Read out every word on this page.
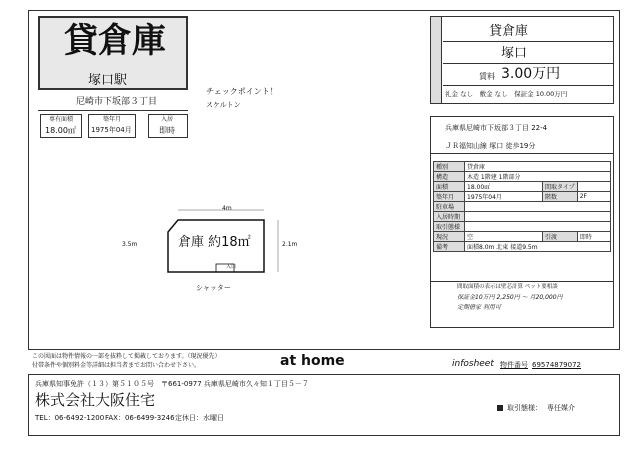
貸倉庫
塚口駅
尼崎市下坂部３丁目
専有面積
18.00㎡
築年月
1975年04月
入居
即時
チェックポイント！
スケルトン
4m
3.5m	2.1m
倉庫 約18㎡
入口
シャッター
貸倉庫
塚口
賃料 3.00万円
礼金 なし　敷金 なし　保証金 10.00万円
兵庫県尼崎市下坂部３丁目 22-4
ＪＲ福知山線 塚口 徒歩19分
種別	貸倉庫		
構造	木造 1階建 1階部分		
面積	18.00㎡	間取タイプ	
築年月	1975年04月	階数	2F
駐車場			
入居時期			
取引態様			
現況	空	引渡	即時
備考	面積8.0m 北東 接道9.5m		
間取面積の表示は壁芯計算 ペット要相談
保証金10万円 2,250円 〜 月20,000円
定期借家 利用可
この図面は物件情報の一部を抜粋して掲載しております。（現況優先）
付帯条件や個別料金等詳細は担当者までお問い合わせ下さい。	at home	infosheet 物件番号 69574879072
兵庫県知事免許（１３）第５１０５号　〒661-0977 兵庫県尼崎市久々知１丁目５－７
株式会社大阪住宅
TEL：06-6492-1200 FAX：06-6499-3246 定休日：水曜日
取引態様： 専任媒介
